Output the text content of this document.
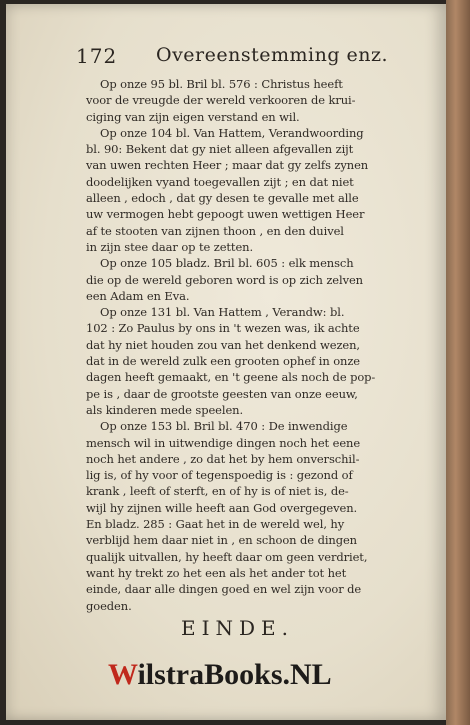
172 Overeenstemming enz.
Op onze 95 bl. Bril bl. 576 : Christus heeft
voor de vreugde der wereld verkooren de krui-
ciging van zijn eigen verstand en wil.
Op onze 104 bl. Van Hattem, Verandwoording
bl. 90: Bekent dat gy niet alleen afgevallen zijt
van uwen rechten Heer ; maar dat gy zelfs zynen
doodelijken vyand toegevallen zijt ; en dat niet
alleen , edoch , dat gy desen te gevalle met alle
uw vermogen hebt gepoogt uwen wettigen Heer
af te stooten van zijnen thoon , en den duivel
in zijn stee daar op te zetten.
Op onze 105 bladz. Bril bl. 605 : elk mensch
die op de wereld geboren word is op zich zelven
een Adam en Eva.
Op onze 131 bl. Van Hattem , Verandw: bl.
102 : Zo Paulus by ons in 't wezen was, ik achte
dat hy niet houden zou van het denkend wezen,
dat in de wereld zulk een grooten ophef in onze
dagen heeft gemaakt, en 't geene als noch de pop-
pe is , daar de grootste geesten van onze eeuw,
als kinderen mede speelen.
Op onze 153 bl. Bril bl. 470 : De inwendige
mensch wil in uitwendige dingen noch het eene
noch het andere , zo dat het by hem onverschil-
lig is, of hy voor of tegenspoedig is : gezond of
krank , leeft of sterft, en of hy is of niet is, de-
wijl hy zijnen wille heeft aan God overgegeven.
En bladz. 285 : Gaat het in de wereld wel, hy
verblijd hem daar niet in , en schoon de dingen
qualijk uitvallen, hy heeft daar om geen verdriet,
want hy trekt zo het een als het ander tot het
einde, daar alle dingen goed en wel zijn voor de
goeden.
EINDE.
WilstraBooks.NL
